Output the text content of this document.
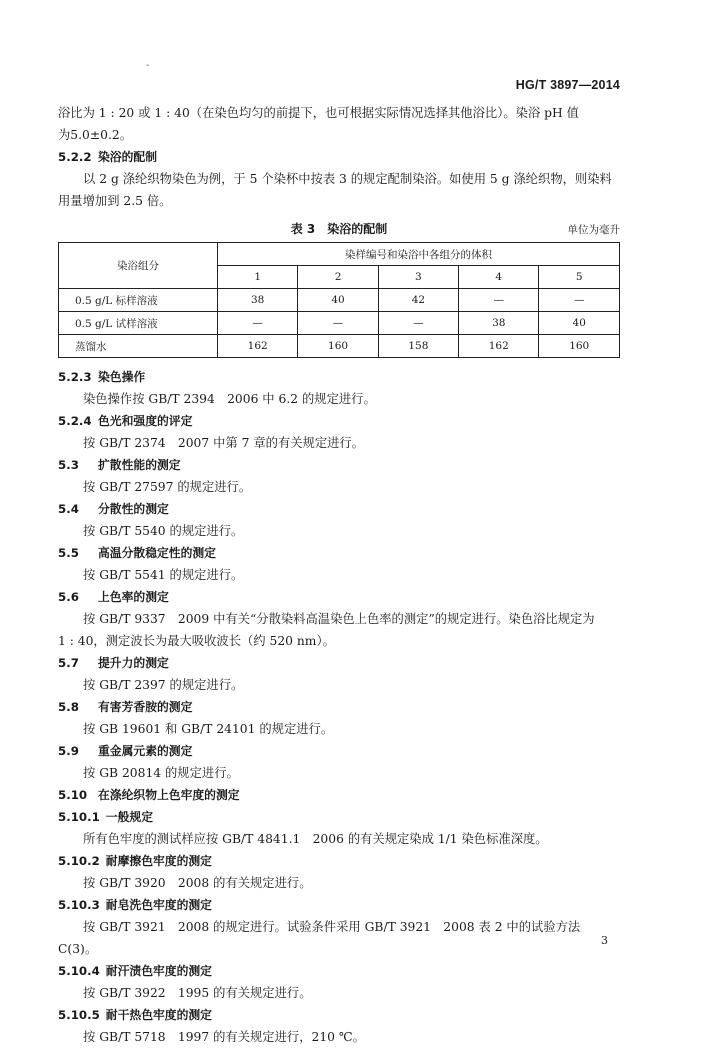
-
HG/T 3897—2014

浴比为 1 : 20 或 1 : 40（在染色均匀的前提下，也可根据实际情况选择其他浴比）。染浴 pH 值

为5.0±0.2。

5.2.2 染浴的配制

以 2 g 涤纶织物染色为例，于 5 个染杯中按表 3 的规定配制染浴。如使用 5 g 涤纶织物，则染料用量增加到 2.5 倍。

表 3　染浴的配制	单位为毫升
染浴组分	染样编号和染浴中各组分的体积				
	1	2	3	4	5
0.5 g/L 标样溶液	38	40	42	—	—
0.5 g/L 试样溶液	—	—	—	38	40
蒸馏水	162	160	158	162	160

5.2.3 染色操作

染色操作按 GB/T 2394　2006 中 6.2 的规定进行。

5.2.4 色光和强度的评定

按 GB/T 2374　2007 中第 7 章的有关规定进行。

5.3 扩散性能的测定

按 GB/T 27597 的规定进行。

5.4 分散性的测定

按 GB/T 5540 的规定进行。

5.5 高温分散稳定性的测定

按 GB/T 5541 的规定进行。

5.6 上色率的测定

按 GB/T 9337　2009 中有关“分散染料高温染色上色率的测定”的规定进行。染色浴比规定为

1 : 40，测定波长为最大吸收波长（约 520 nm）。

5.7 提升力的测定

按 GB/T 2397 的规定进行。

5.8 有害芳香胺的测定

按 GB 19601 和 GB/T 24101 的规定进行。

5.9 重金属元素的测定

按 GB 20814 的规定进行。

5.10 在涤纶织物上色牢度的测定

5.10.1 一般规定

所有色牢度的测试样应按 GB/T 4841.1　2006 的有关规定染成 1/1 染色标准深度。

5.10.2 耐摩擦色牢度的测定

按 GB/T 3920　2008 的有关规定进行。

5.10.3 耐皂洗色牢度的测定

按 GB/T 3921　2008 的规定进行。试验条件采用 GB/T 3921　2008 表 2 中的试验方法 C(3)。

5.10.4 耐汗渍色牢度的测定

按 GB/T 3922　1995 的有关规定进行。

5.10.5 耐干热色牢度的测定

按 GB/T 5718　1997 的有关规定进行，210 ℃。

3
